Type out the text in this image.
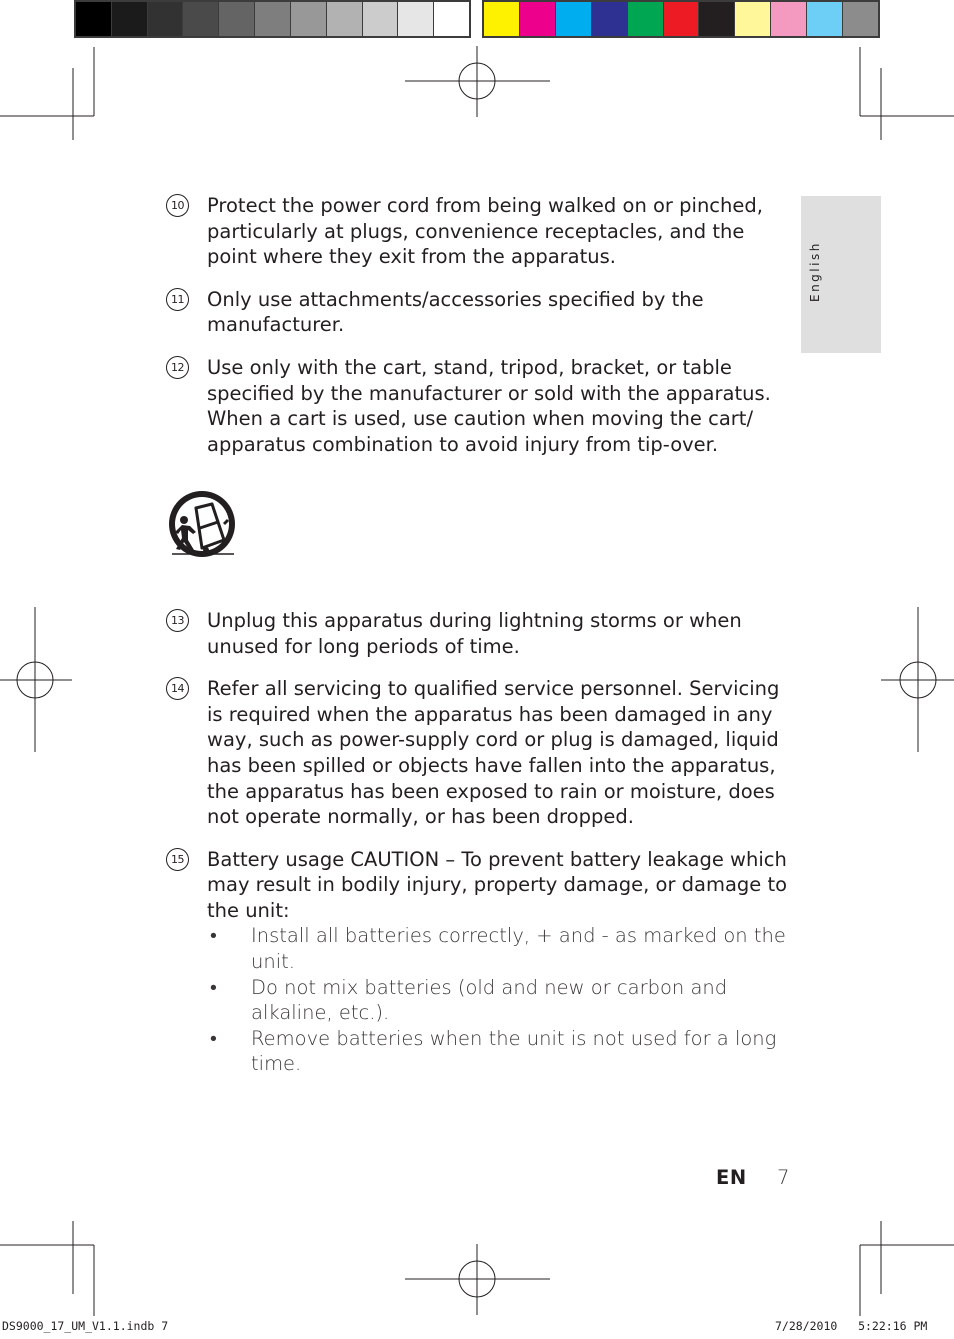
English
10 Protect the power cord from being walked on or pinched, particularly at plugs, convenience receptacles, and the point where they exit from the apparatus.
11 Only use attachments/accessories specified by the manufacturer.
12 Use only with the cart, stand, tripod, bracket, or table specified by the manufacturer or sold with the apparatus. When a cart is used, use caution when moving the cart/ apparatus combination to avoid injury from tip-over.
13 Unplug this apparatus during lightning storms or when unused for long periods of time.
14 Refer all servicing to qualified service personnel. Servicing is required when the apparatus has been damaged in any way, such as power-supply cord or plug is damaged, liquid has been spilled or objects have fallen into the apparatus, the apparatus has been exposed to rain or moisture, does not operate normally, or has been dropped.
15 Battery usage CAUTION – To prevent battery leakage which may result in bodily injury, property damage, or damage to the unit:
• Install all batteries correctly, + and - as marked on the unit.
• Do not mix batteries (old and new or carbon and alkaline, etc.).
• Remove batteries when the unit is not used for a long time.
EN 7
DS9000_17_UM_V1.1.indb 7	7/28/2010   5:22:16 PM
